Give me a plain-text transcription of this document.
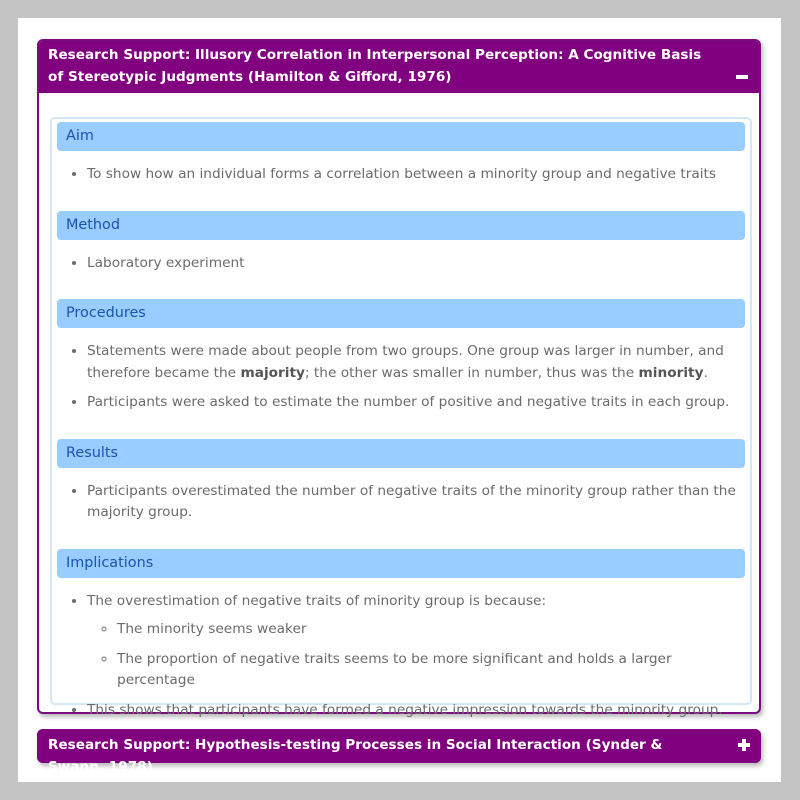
Research Support: Illusory Correlation in Interpersonal Perception: A Cognitive Basis of Stereotypic Judgments (Hamilton & Gifford, 1976)
Aim
• To show how an individual forms a correlation between a minority group and negative traits
Method
• Laboratory experiment
Procedures
• Statements were made about people from two groups. One group was larger in number, and therefore became the majority; the other was smaller in number, thus was the minority.
• Participants were asked to estimate the number of positive and negative traits in each group.
Results
• Participants overestimated the number of negative traits of the minority group rather than the majority group.
Implications
• The overestimation of negative traits of minority group is because:
◦ The minority seems weaker
◦ The proportion of negative traits seems to be more significant and holds a larger percentage
• This shows that participants have formed a negative impression towards the minority group.
Research Support: Hypothesis-testing Processes in Social Interaction (Synder & Swann, 1978)
